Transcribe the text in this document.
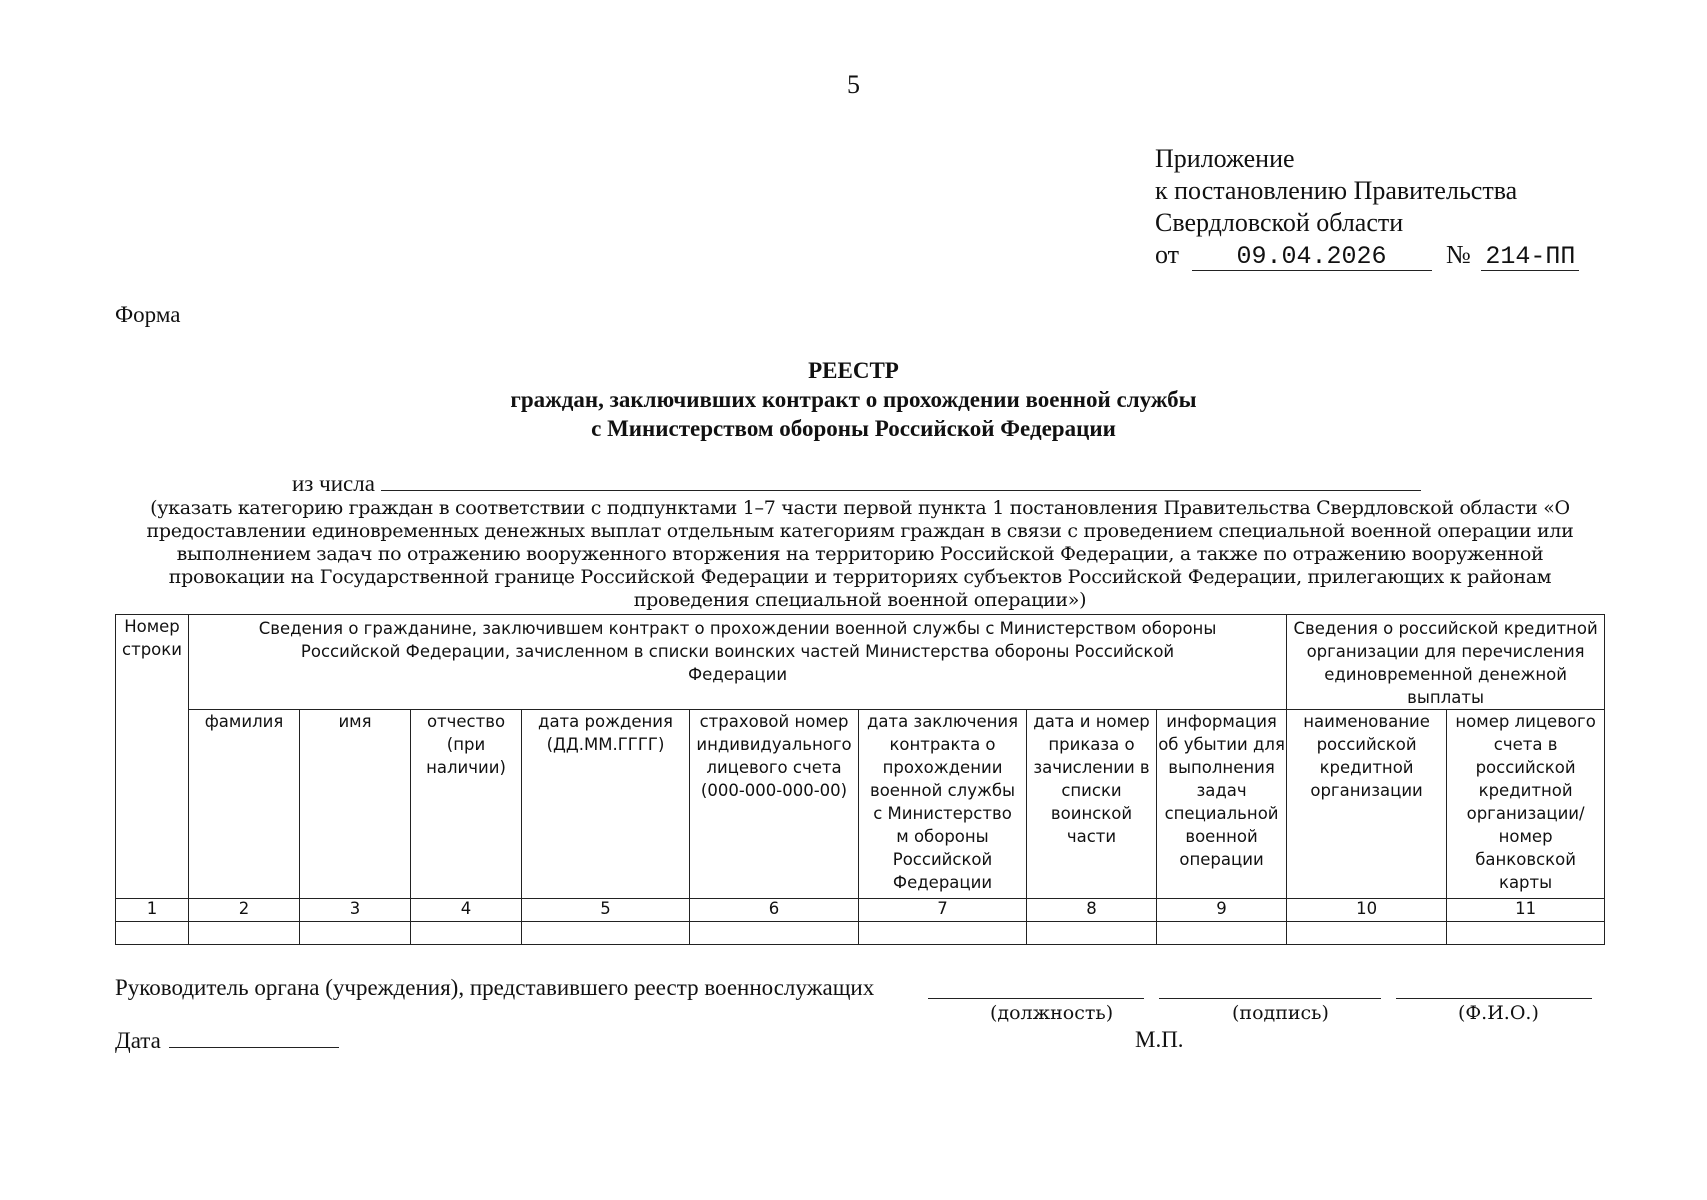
5
Приложение
к постановлению Правительства
Свердловской области
от 09.04.2026 № 214-ПП
Форма
РЕЕСТР
граждан, заключивших контракт о прохождении военной службы
с Министерством обороны Российской Федерации
из числа
(указать категорию граждан в соответствии с подпунктами 1–7 части первой пункта 1 постановления Правительства Свердловской области «О предоставлении единовременных денежных выплат отдельным категориям граждан в связи с проведением специальной военной операции или выполнением задач по отражению вооруженного вторжения на территорию Российской Федерации, а также по отражению вооруженной провокации на Государственной границе Российской Федерации и территориях субъектов Российской Федерации, прилегающих к районам проведения специальной военной операции»)
Номер строки	Сведения о гражданине, заключившем контракт о прохождении военной службы с Министерством обороны Российской Федерации, зачисленном в списки воинских частей Министерства обороны Российской Федерации								Сведения о российской кредитной организации для перечисления единовременной денежной выплаты	
	фамилия	имя	отчество (при наличии)	дата рождения (ДД.ММ.ГГГГ)	страховой номер индивидуального лицевого счета (000-000-000-00)	дата заключения контракта о прохождении военной службы с Министерство м обороны Российской Федерации	дата и номер приказа о зачислении в списки воинской части	информация об убытии для выполнения задач специальной военной операции	наименование российской кредитной организации	номер лицевого счета в российской кредитной организации/ номер банковской карты
1	2	3	4	5	6	7	8	9	10	11

Руководитель органа (учреждения), представившего реестр военнослужащих
(должность)	(подпись)	(Ф.И.О.)
Дата	М.П.
